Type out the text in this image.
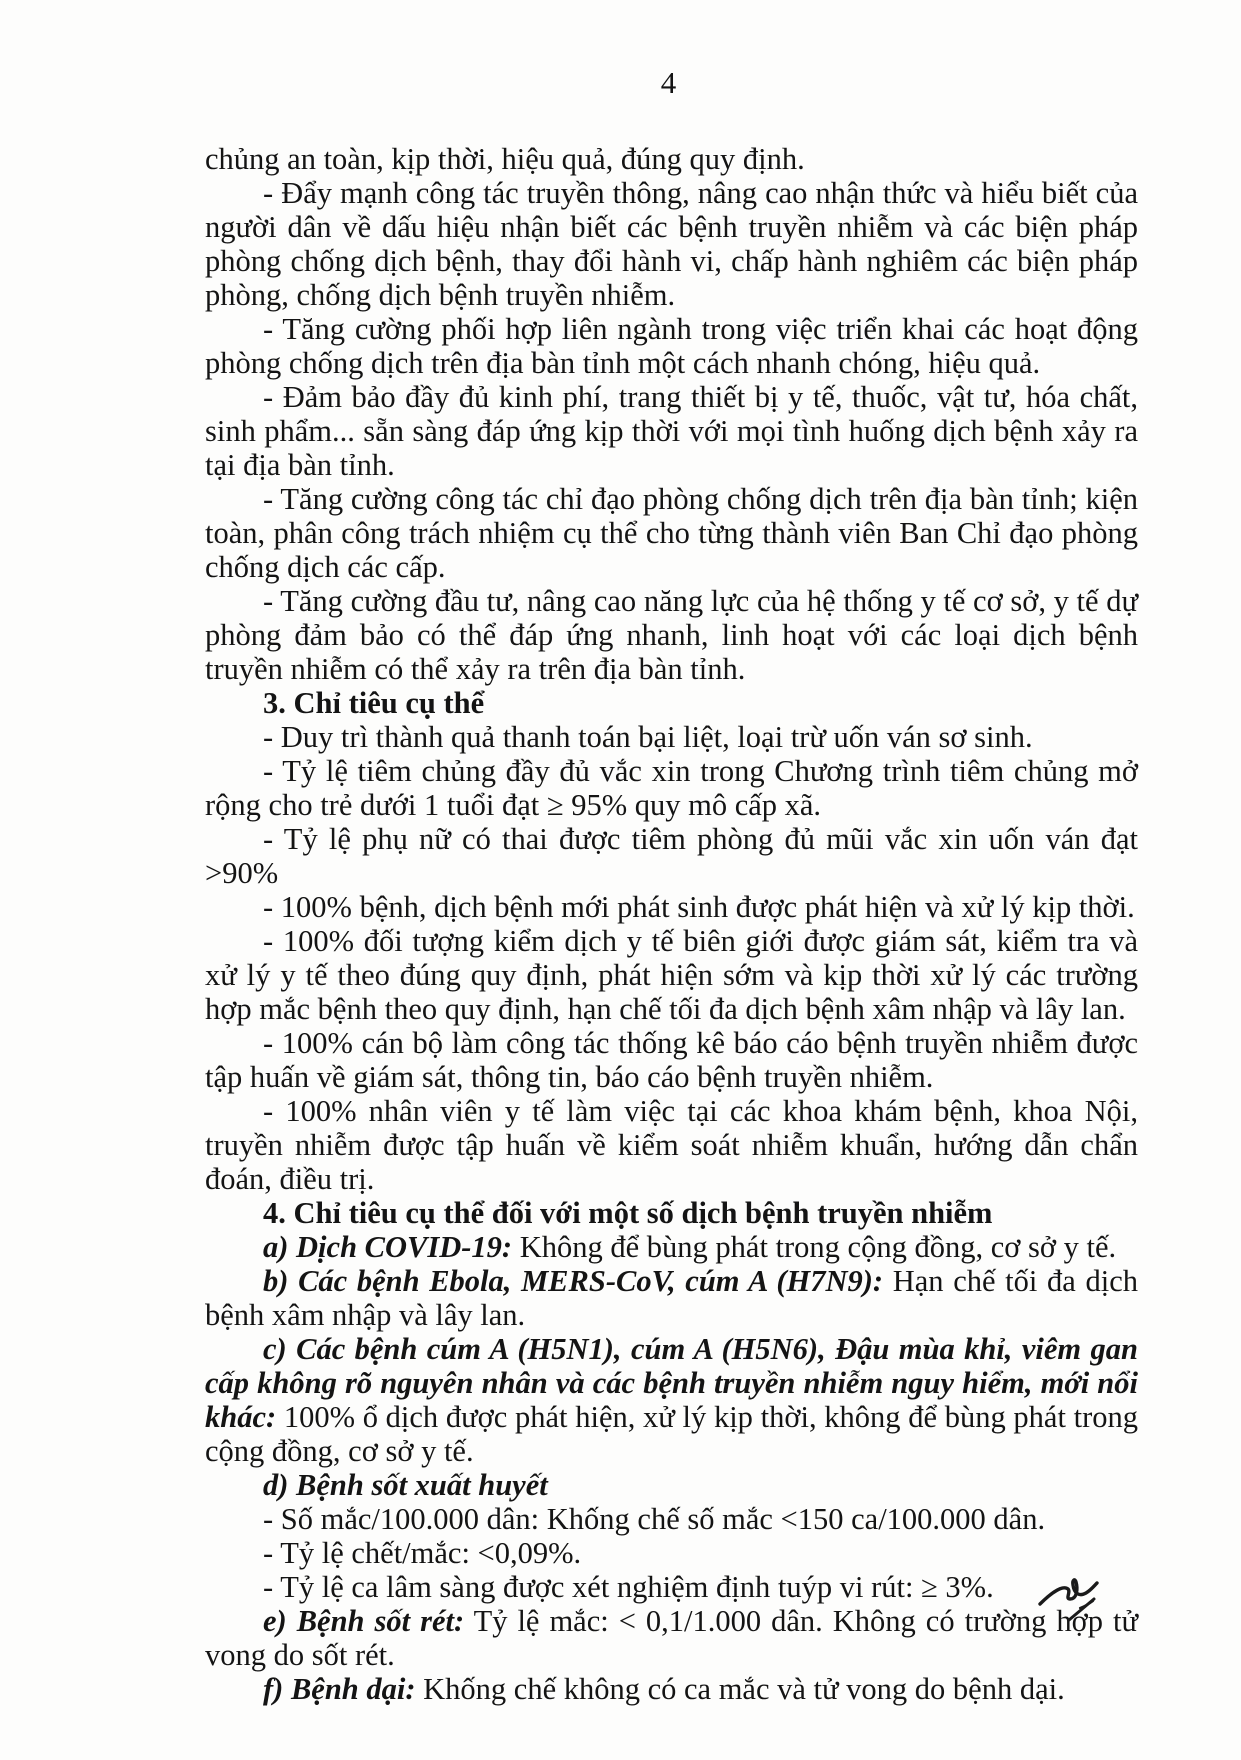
4

chủng an toàn, kịp thời, hiệu quả, đúng quy định.

- Đẩy mạnh công tác truyền thông, nâng cao nhận thức và hiểu biết của người dân về dấu hiệu nhận biết các bệnh truyền nhiễm và các biện pháp phòng chống dịch bệnh, thay đổi hành vi, chấp hành nghiêm các biện pháp phòng, chống dịch bệnh truyền nhiễm.

- Tăng cường phối hợp liên ngành trong việc triển khai các hoạt động phòng chống dịch trên địa bàn tỉnh một cách nhanh chóng, hiệu quả.

- Đảm bảo đầy đủ kinh phí, trang thiết bị y tế, thuốc, vật tư, hóa chất, sinh phẩm... sẵn sàng đáp ứng kịp thời với mọi tình huống dịch bệnh xảy ra tại địa bàn tỉnh.

- Tăng cường công tác chỉ đạo phòng chống dịch trên địa bàn tỉnh; kiện toàn, phân công trách nhiệm cụ thể cho từng thành viên Ban Chỉ đạo phòng chống dịch các cấp.

- Tăng cường đầu tư, nâng cao năng lực của hệ thống y tế cơ sở, y tế dự phòng đảm bảo có thể đáp ứng nhanh, linh hoạt với các loại dịch bệnh truyền nhiễm có thể xảy ra trên địa bàn tỉnh.

3. Chỉ tiêu cụ thể

- Duy trì thành quả thanh toán bại liệt, loại trừ uốn ván sơ sinh.

- Tỷ lệ tiêm chủng đầy đủ vắc xin trong Chương trình tiêm chủng mở rộng cho trẻ dưới 1 tuổi đạt ≥ 95% quy mô cấp xã.

- Tỷ lệ phụ nữ có thai được tiêm phòng đủ mũi vắc xin uốn ván đạt >90%

- 100% bệnh, dịch bệnh mới phát sinh được phát hiện và xử lý kịp thời.

- 100% đối tượng kiểm dịch y tế biên giới được giám sát, kiểm tra và xử lý y tế theo đúng quy định, phát hiện sớm và kịp thời xử lý các trường hợp mắc bệnh theo quy định, hạn chế tối đa dịch bệnh xâm nhập và lây lan.

- 100% cán bộ làm công tác thống kê báo cáo bệnh truyền nhiễm được tập huấn về giám sát, thông tin, báo cáo bệnh truyền nhiễm.

- 100% nhân viên y tế làm việc tại các khoa khám bệnh, khoa Nội, truyền nhiễm được tập huấn về kiểm soát nhiễm khuẩn, hướng dẫn chẩn đoán, điều trị.

4. Chỉ tiêu cụ thể đối với một số dịch bệnh truyền nhiễm

a) Dịch COVID-19: Không để bùng phát trong cộng đồng, cơ sở y tế.

b) Các bệnh Ebola, MERS-CoV, cúm A (H7N9): Hạn chế tối đa dịch bệnh xâm nhập và lây lan.

c) Các bệnh cúm A (H5N1), cúm A (H5N6), Đậu mùa khỉ, viêm gan cấp không rõ nguyên nhân và các bệnh truyền nhiễm nguy hiểm, mới nổi khác: 100% ổ dịch được phát hiện, xử lý kịp thời, không để bùng phát trong cộng đồng, cơ sở y tế.

d) Bệnh sốt xuất huyết

- Số mắc/100.000 dân: Khống chế số mắc <150 ca/100.000 dân.

- Tỷ lệ chết/mắc: <0,09%.

- Tỷ lệ ca lâm sàng được xét nghiệm định tuýp vi rút: ≥ 3%.

e) Bệnh sốt rét: Tỷ lệ mắc: < 0,1/1.000 dân. Không có trường hợp tử vong do sốt rét.

f) Bệnh dại: Khống chế không có ca mắc và tử vong do bệnh dại.
